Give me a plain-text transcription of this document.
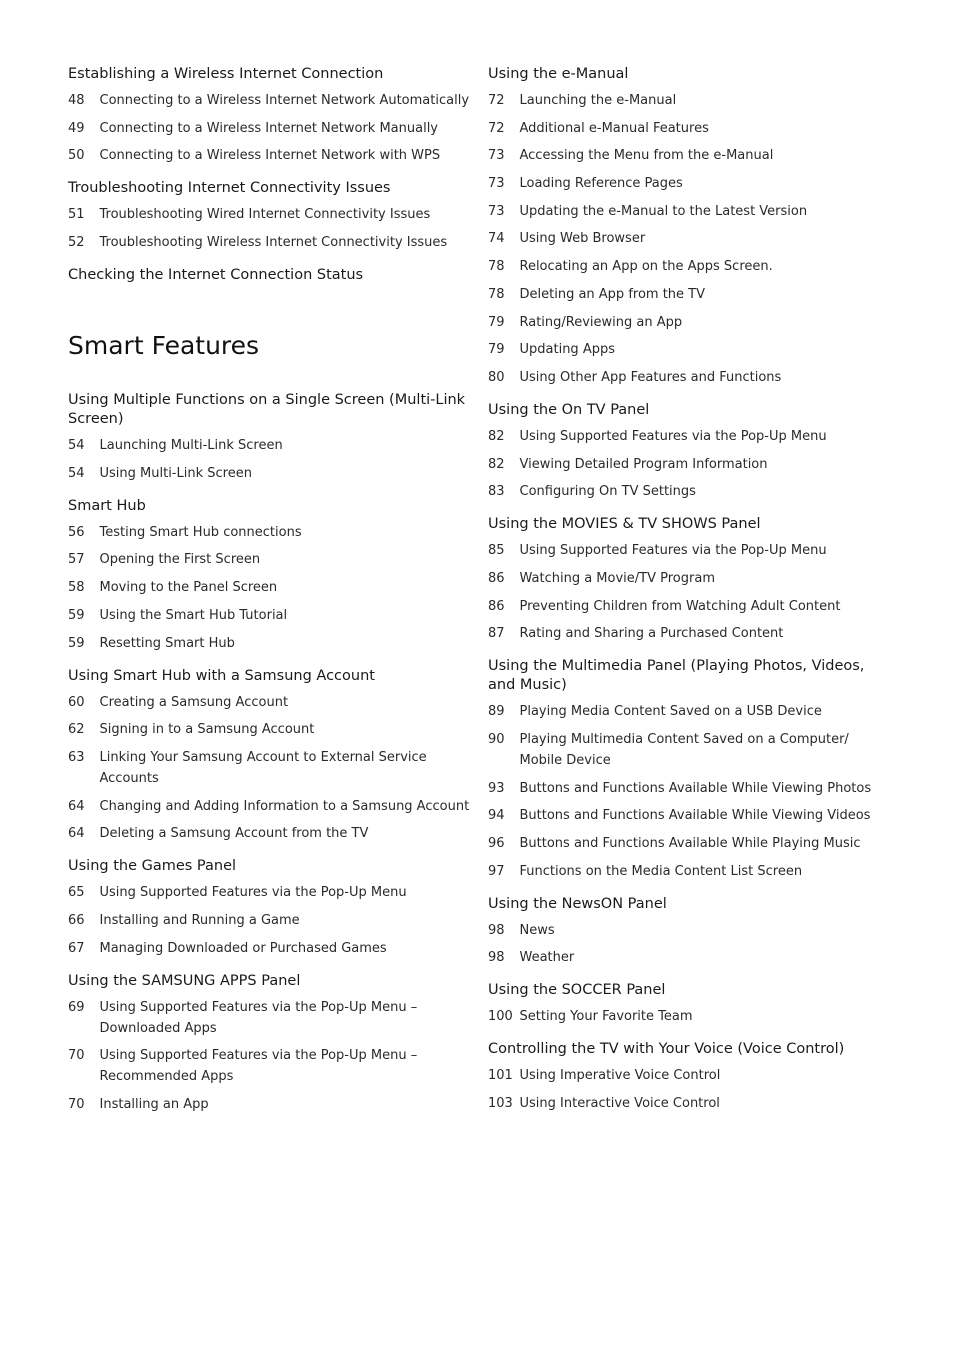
Establishing a Wireless Internet Connection
48	Connecting to a Wireless Internet Network Automatically
49	Connecting to a Wireless Internet Network Manually
50	Connecting to a Wireless Internet Network with WPS
Troubleshooting Internet Connectivity Issues
51	Troubleshooting Wired Internet Connectivity Issues
52	Troubleshooting Wireless Internet Connectivity Issues
Checking the Internet Connection Status
Smart Features
Using Multiple Functions on a Single Screen (Multi-Link Screen)
54	Launching Multi-Link Screen
54	Using Multi-Link Screen
Smart Hub
56	Testing Smart Hub connections
57	Opening the First Screen
58	Moving to the Panel Screen
59	Using the Smart Hub Tutorial
59	Resetting Smart Hub
Using Smart Hub with a Samsung Account
60	Creating a Samsung Account
62	Signing in to a Samsung Account
63	Linking Your Samsung Account to External Service Accounts
64	Changing and Adding Information to a Samsung Account
64	Deleting a Samsung Account from the TV
Using the Games Panel
65	Using Supported Features via the Pop-Up Menu
66	Installing and Running a Game
67	Managing Downloaded or Purchased Games
Using the SAMSUNG APPS Panel
69	Using Supported Features via the Pop-Up Menu – Downloaded Apps
70	Using Supported Features via the Pop-Up Menu – Recommended Apps
70	Installing an App
Using the e-Manual
72	Launching the e-Manual
72	Additional e-Manual Features
73	Accessing the Menu from the e-Manual
73	Loading Reference Pages
73	Updating the e-Manual to the Latest Version
74	Using Web Browser
78	Relocating an App on the Apps Screen.
78	Deleting an App from the TV
79	Rating/Reviewing an App
79	Updating Apps
80	Using Other App Features and Functions
Using the On TV Panel
82	Using Supported Features via the Pop-Up Menu
82	Viewing Detailed Program Information
83	Configuring On TV Settings
Using the MOVIES & TV SHOWS Panel
85	Using Supported Features via the Pop-Up Menu
86	Watching a Movie/TV Program
86	Preventing Children from Watching Adult Content
87	Rating and Sharing a Purchased Content
Using the Multimedia Panel (Playing Photos, Videos, and Music)
89	Playing Media Content Saved on a USB Device
90	Playing Multimedia Content Saved on a Computer/ Mobile Device
93	Buttons and Functions Available While Viewing Photos
94	Buttons and Functions Available While Viewing Videos
96	Buttons and Functions Available While Playing Music
97	Functions on the Media Content List Screen
Using the NewsON Panel
98	News
98	Weather
Using the SOCCER Panel
100 Setting Your Favorite Team
Controlling the TV with Your Voice (Voice Control)
101 Using Imperative Voice Control
103 Using Interactive Voice Control
